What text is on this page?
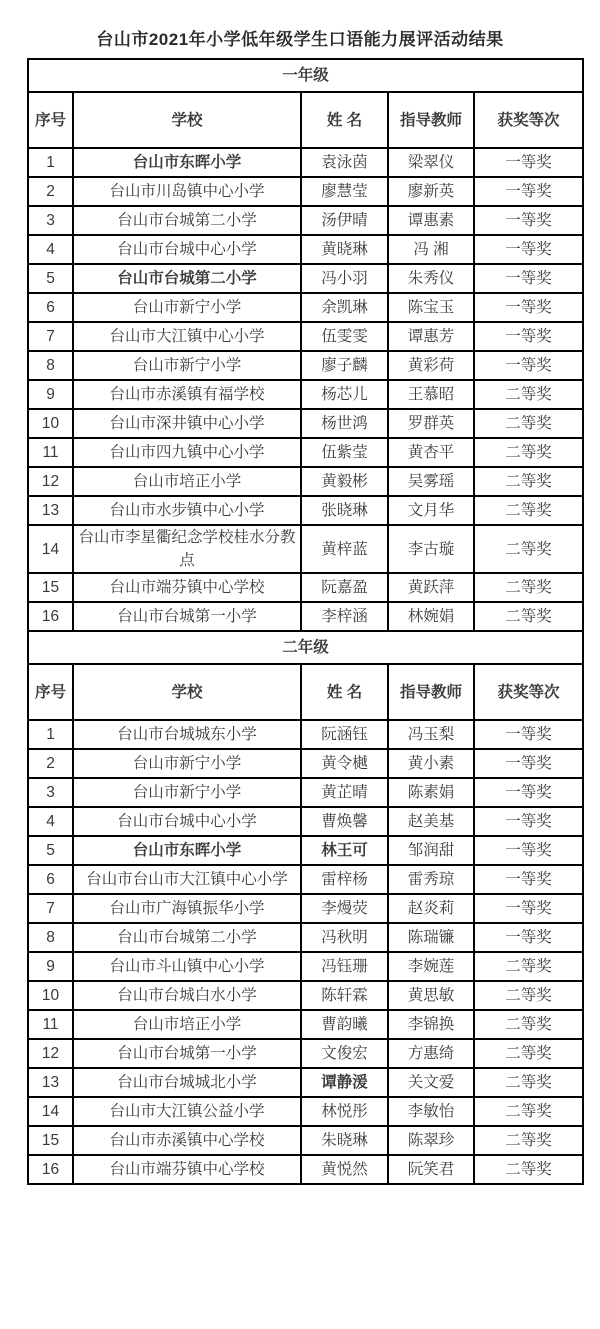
台山市2021年小学低年级学生口语能力展评活动结果
一年级				
序号	学校	姓 名	指导教师	获奖等次
1	台山市东晖小学	袁泳茵	梁翠仪	一等奖
2	台山市川岛镇中心小学	廖慧莹	廖新英	一等奖
3	台山市台城第二小学	汤伊晴	谭惠素	一等奖
4	台山市台城中心小学	黄晓琳	冯 湘	一等奖
5	台山市台城第二小学	冯小羽	朱秀仪	一等奖
6	台山市新宁小学	余凯琳	陈宝玉	一等奖
7	台山市大江镇中心小学	伍雯雯	谭惠芳	一等奖
8	台山市新宁小学	廖子麟	黄彩荷	一等奖
9	台山市赤溪镇有福学校	杨芯儿	王慕昭	二等奖
10	台山市深井镇中心小学	杨世鸿	罗群英	二等奖
11	台山市四九镇中心小学	伍紫莹	黄杏平	二等奖
12	台山市培正小学	黄毅彬	吴雾瑶	二等奖
13	台山市水步镇中心小学	张晓琳	文月华	二等奖
14	台山市李星衢纪念学校桂水分教点	黄梓蓝	李古璇	二等奖
15	台山市端芬镇中心学校	阮嘉盈	黄跃萍	二等奖
16	台山市台城第一小学	李梓涵	林婉娟	二等奖
二年级				
序号	学校	姓 名	指导教师	获奖等次
1	台山市台城城东小学	阮涵钰	冯玉梨	一等奖
2	台山市新宁小学	黄令樾	黄小素	一等奖
3	台山市新宁小学	黄芷晴	陈素娟	一等奖
4	台山市台城中心小学	曹焕馨	赵美基	一等奖
5	台山市东晖小学	林王可	邹润甜	一等奖
6	台山市台山市大江镇中心小学	雷梓杨	雷秀琼	一等奖
7	台山市广海镇振华小学	李熳荧	赵炎莉	一等奖
8	台山市台城第二小学	冯秋明	陈瑞镰	一等奖
9	台山市斗山镇中心小学	冯钰珊	李婉莲	二等奖
10	台山市台城白水小学	陈轩霖	黄思敏	二等奖
11	台山市培正小学	曹韵曦	李锦换	二等奖
12	台山市台城第一小学	文俊宏	方惠绮	二等奖
13	台山市台城城北小学	谭静湲	关文爱	二等奖
14	台山市大江镇公益小学	林悦彤	李敏怡	二等奖
15	台山市赤溪镇中心学校	朱晓琳	陈翠珍	二等奖
16	台山市端芬镇中心学校	黄悦然	阮笑君	二等奖
